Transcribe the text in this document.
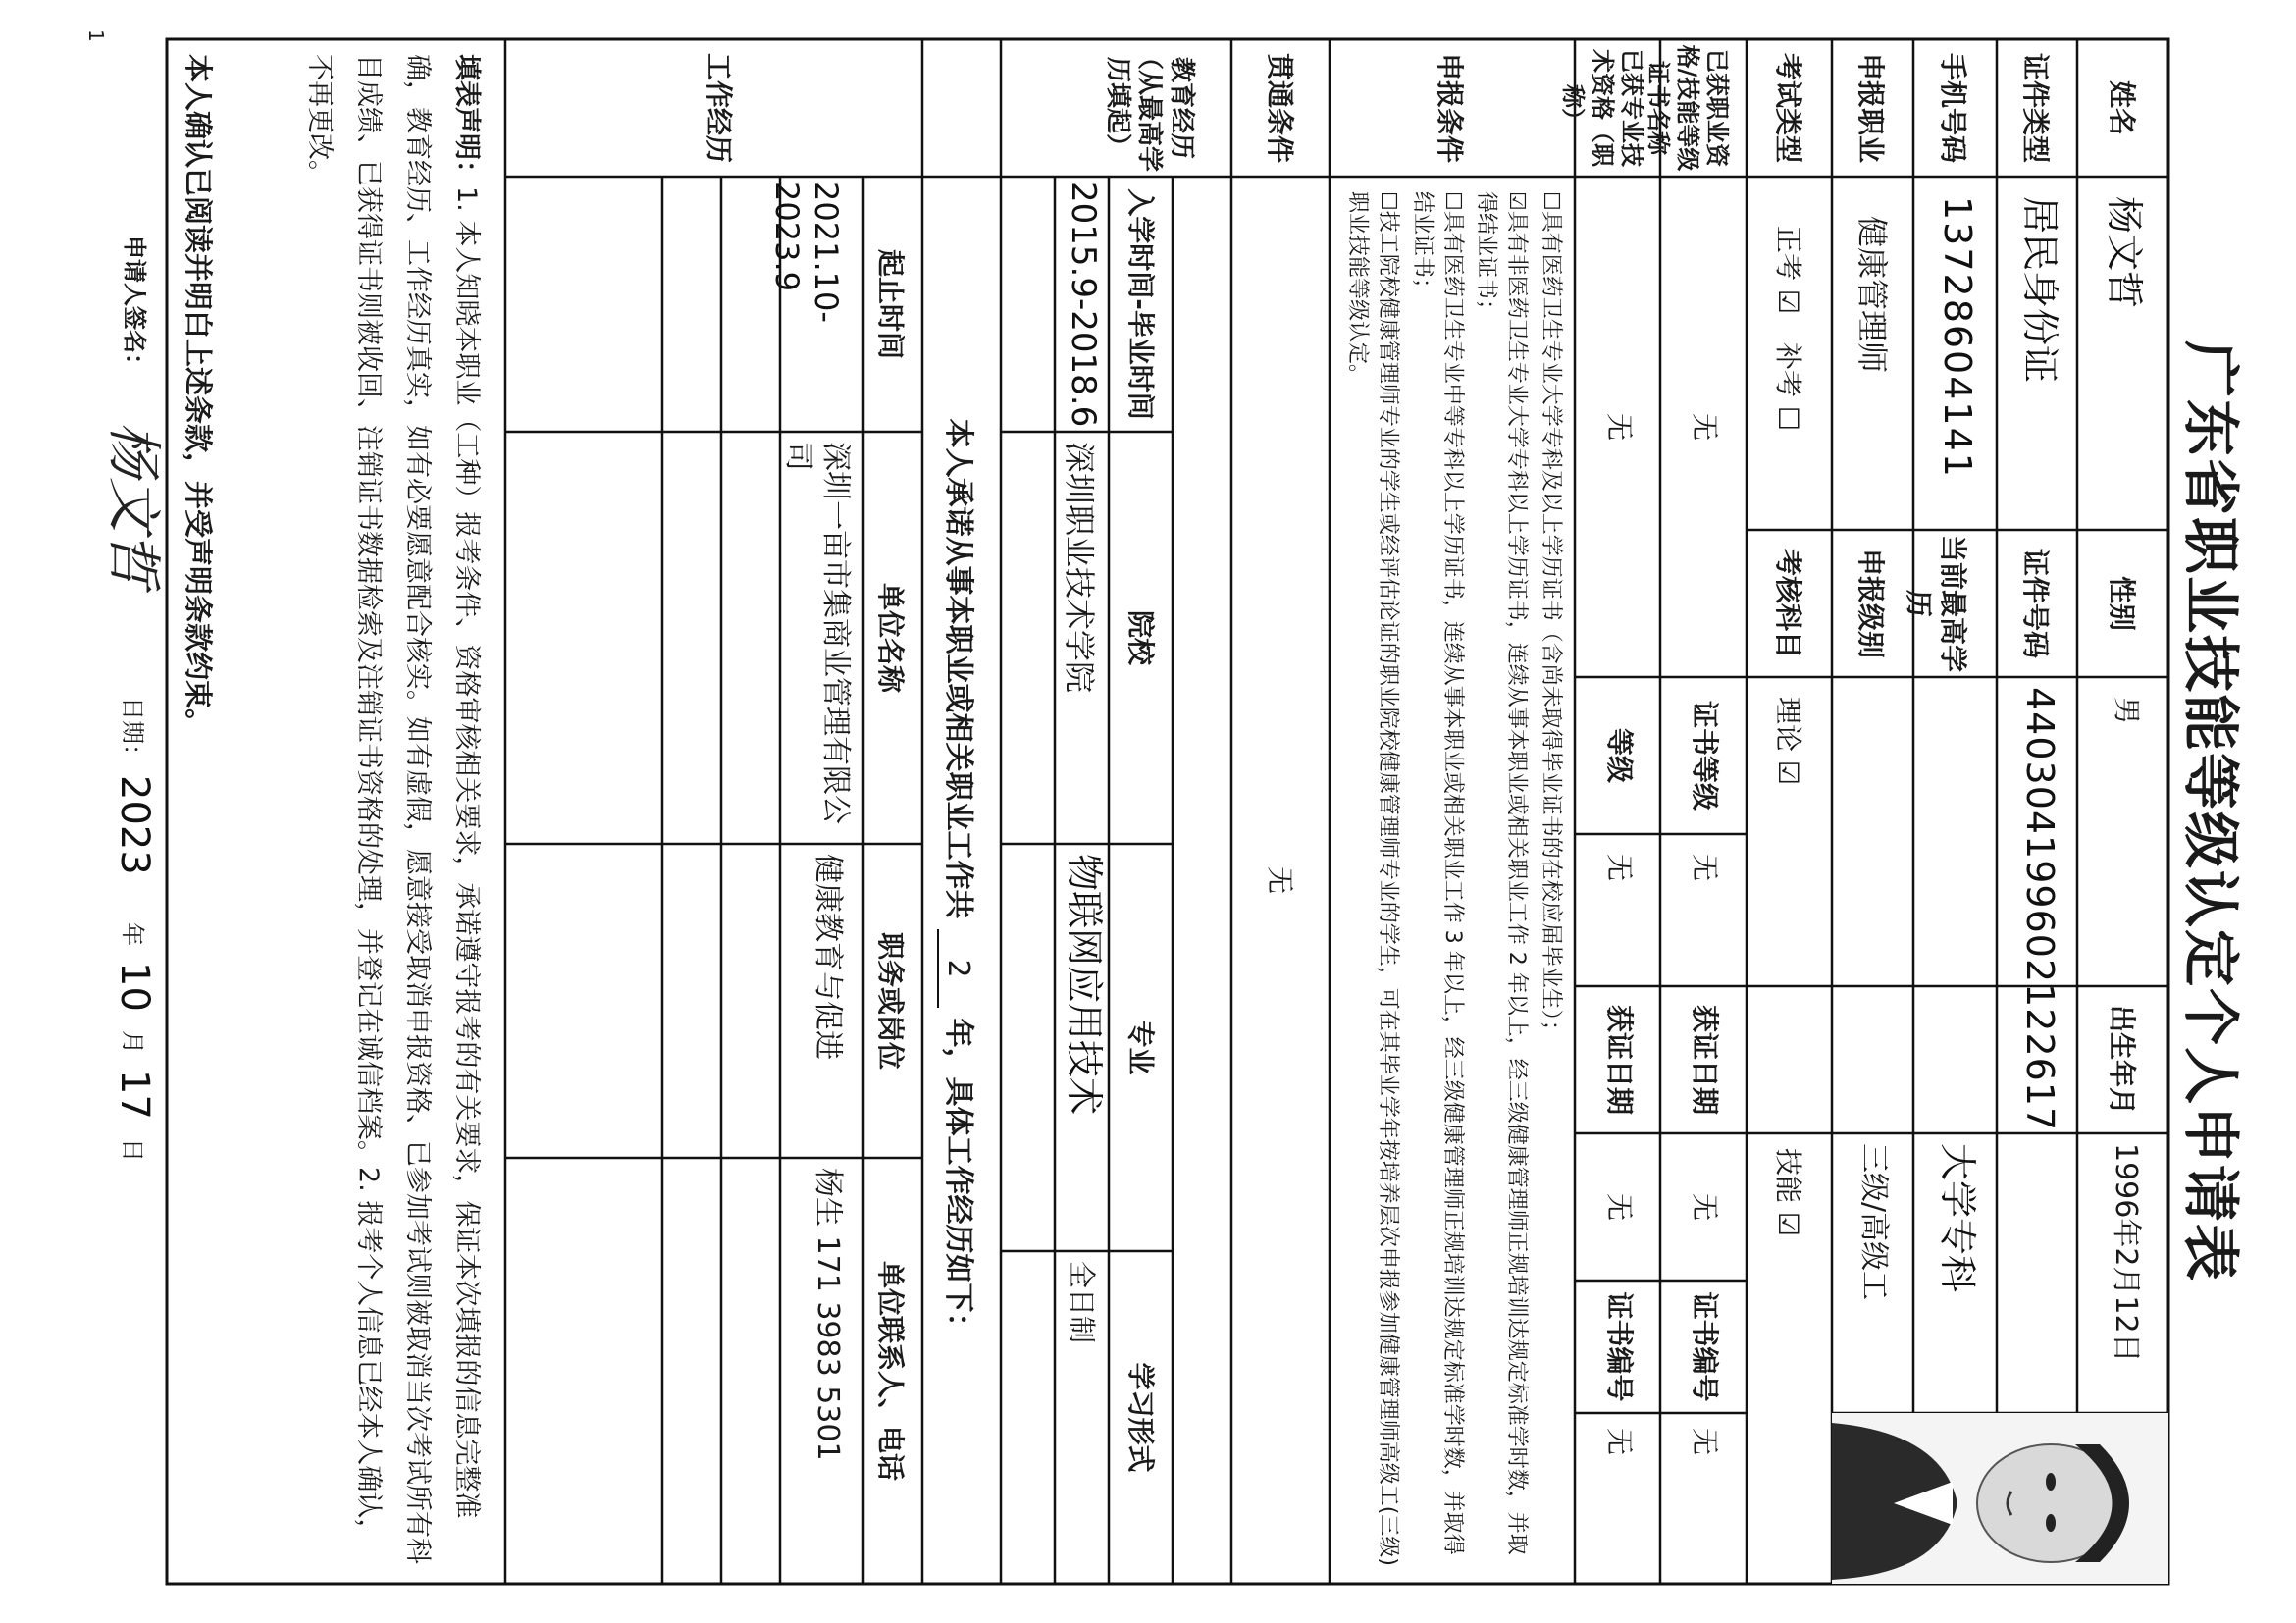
广东省职业技能等级认定个人申请表
姓名
杨文哲
性别
男
出生年月
1996年2月12日
证件类型
居民身份证
证件号码
440304199602122617
手机号码
13728604141
当前最高学历
大学专科
申报职业
健康管理师
申报级别
三级/高级工
考试类型
正考 ☑ 补考 ☐
考核科目
理论 ☑
技能 ☑
已获职业资格/技能等级证书名称
无
证书等级
无
获证日期
无
证书编号
无
已获专业技术资格（职称）
无
等级
无
获证日期
无
证书编号
无
申报条件
☐具有医药卫生专业大学专科及以上学历证书（含尚未取得毕业证书的在校应届毕业生）；
☑具有非医药卫生专业大学专科以上学历证书，连续从事本职业或相关职业工作 2 年以上，经三级健康管理师正规培训达规定标准学时数，并取得结业证书；
☐具有医药卫生专业中等专科以上学历证书，连续从事本职业或相关职业工作 3 年以上，经三级健康管理师正规培训达规定标准学时数，并取得结业证书；
☐技工院校健康管理师专业的学生或经评估论证的职业院校健康管理师专业的学生，可在其毕业学年按培养层次申报参加健康管理师高级工(三级)职业技能等级认定。
贯通条件
无
教育经历（从最高学历填起）
入学时间-毕业时间
院校
专业
学习形式
2015.9-2018.6
深圳职业技术学院
物联网应用技术
全日制
本人承诺从事本职业或相关职业工作共 2 年，具体工作经历如下：
工作经历
起止时间
单位名称
职务或岗位
单位联系人、电话
2021.10-2023.9
深圳一亩市集商业管理有限公司
健康教育与促进
杨生 171 3983 5301
填表声明：1. 本人知晓本职业（工种）报考条件、资格审核相关要求，承诺遵守报考的有关要求，保证本次填报的信息完整准确，教育经历、工作经历真实，如有必要愿意配合核实。如有虚假，愿意接受取消申报资格、已参加考试则被取消当次考试所有科目成绩、已获得证书则被收回、注销证书数据检索及注销证书资格的处理，并登记在诚信档案。2. 报考个人信息已经本人确认，不再更改。
本人确认已阅读并明白上述条款，并受声明条款约束。
申请人签名：
杨文哲
日期：
2023
年
10
月
17
日
1
